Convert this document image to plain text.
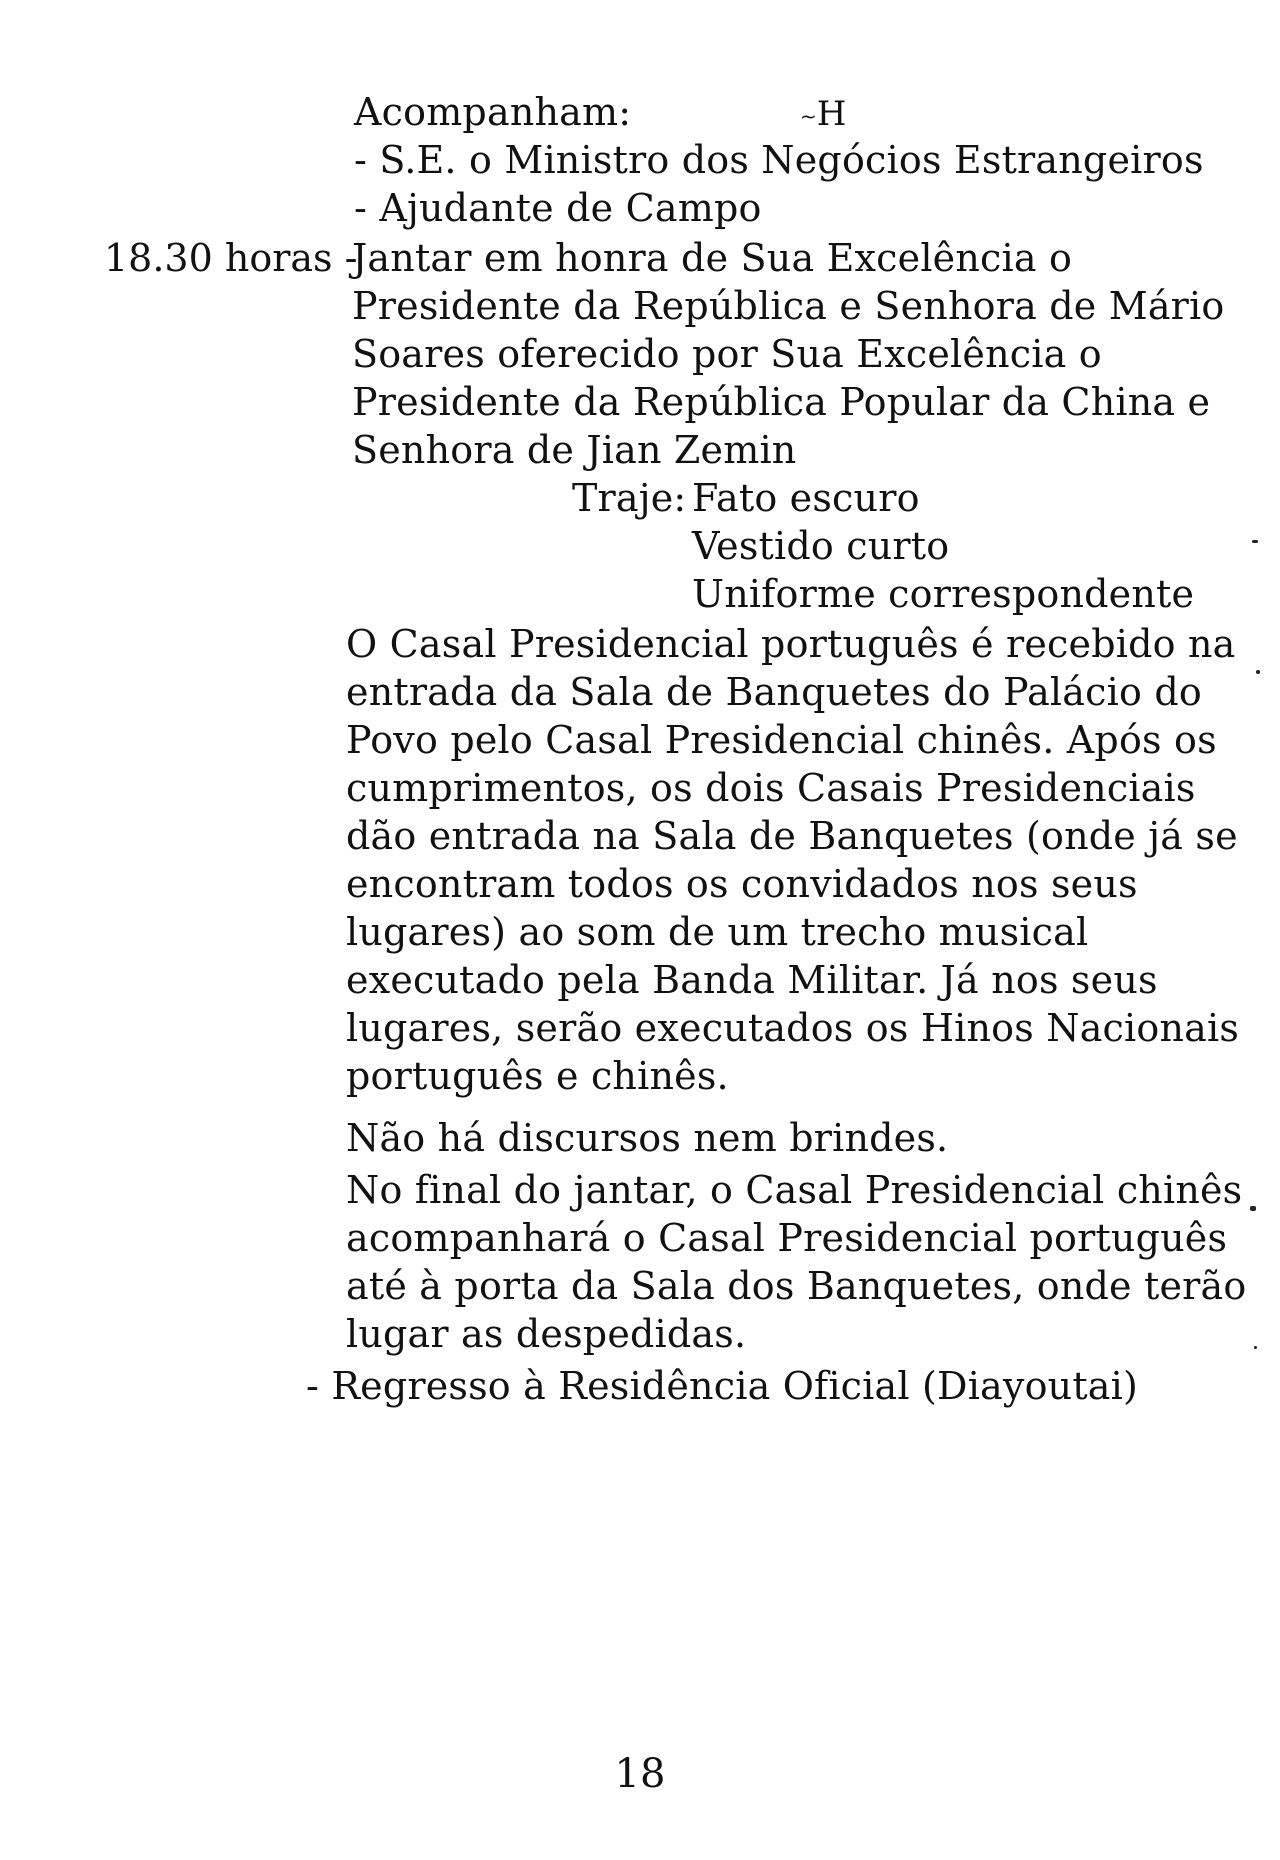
Acompanham:	~H
- S.E. o Ministro dos Negócios Estrangeiros
- Ajudante de Campo
18.30 horas -
Jantar em honra de Sua Excelência o
Presidente da República e Senhora de Mário
Soares oferecido por Sua Excelência o
Presidente da República Popular da China e
Senhora de Jian Zemin
Traje: Fato escuro
Vestido curto
Uniforme correspondente
O Casal Presidencial português é recebido na
entrada da Sala de Banquetes do Palácio do
Povo pelo Casal Presidencial chinês. Após os
cumprimentos, os dois Casais Presidenciais
dão entrada na Sala de Banquetes (onde já se
encontram todos os convidados nos seus
lugares) ao som de um trecho musical
executado pela Banda Militar. Já nos seus
lugares, serão executados os Hinos Nacionais
português e chinês.
Não há discursos nem brindes.
No final do jantar, o Casal Presidencial chinês
acompanhará o Casal Presidencial português
até à porta da Sala dos Banquetes, onde terão
lugar as despedidas.
- Regresso à Residência Oficial (Diayoutai)
18
